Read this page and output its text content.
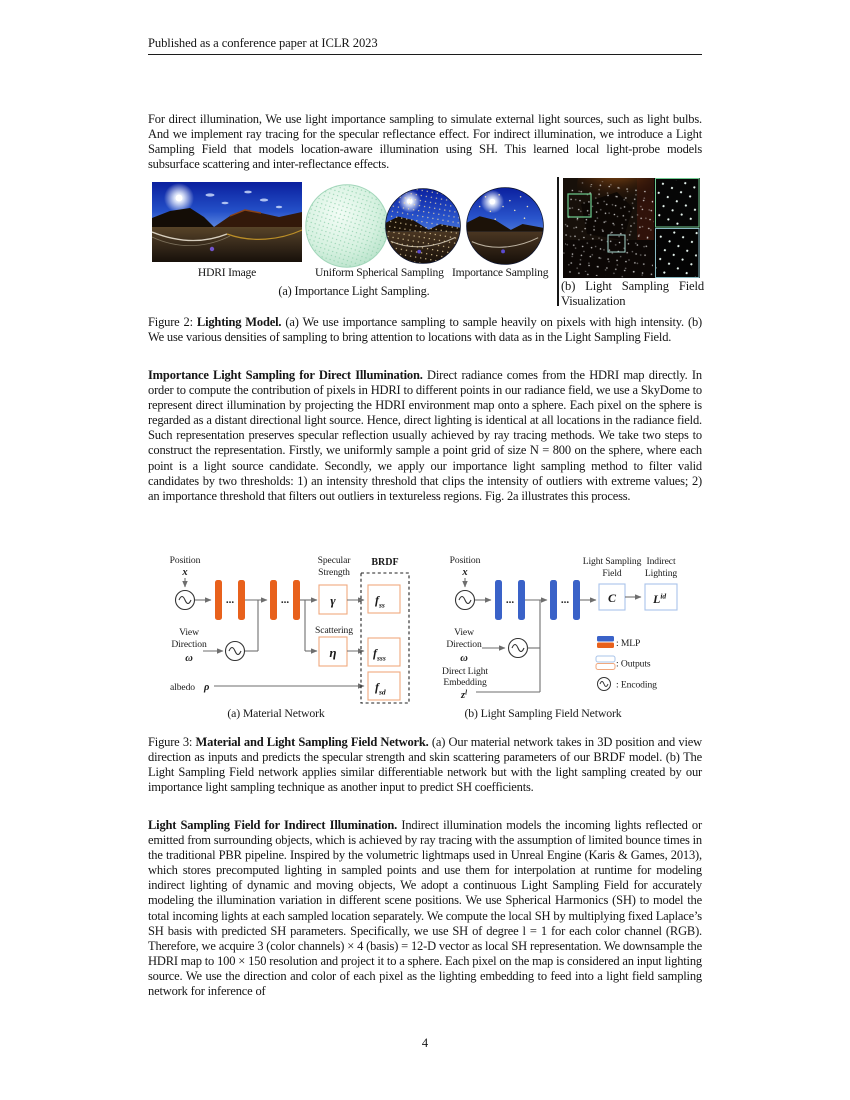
Published as a conference paper at ICLR 2023
For direct illumination, We use light importance sampling to simulate external light sources, such as light bulbs. And we implement ray tracing for the specular reflectance effect. For indirect illumination, we introduce a Light Sampling Field that models location-aware illumination using SH. This learned local light-probe models subsurface scattering and inter-reflectance effects.
HDRI Image	Uniform Spherical Sampling Importance Sampling
(a) Importance Light Sampling.	(b) Light Sampling Field Visualization
Figure 2: Lighting Model. (a) We use importance sampling to sample heavily on pixels with high intensity. (b) We use various densities of sampling to bring attention to locations with data as in the Light Sampling Field.
Importance Light Sampling for Direct Illumination. Direct radiance comes from the HDRI map directly. In order to compute the contribution of pixels in HDRI to different points in our radiance field, we use a SkyDome to represent direct illumination by projecting the HDRI environment map onto a sphere. Each pixel on the sphere is regarded as a distant directional light source. Hence, direct lighting is identical at all locations in the radiance field. Such representation preserves specular reflection usually achieved by ray tracing methods. We take two steps to construct the representation. Firstly, we uniformly sample a point grid of size N = 800 on the sphere, where each point is a light source candidate. Secondly, we apply our importance light sampling method to filter valid candidates by two thresholds: 1) an intensity threshold that clips the intensity of outliers with extreme values; 2) an importance threshold that filters out outliers in textureless regions. Fig. 2a illustrates this process.
Position
x
...	...
View
Direction
ω
Specular
Strength
γ
Scattering
η
albedo ρ
BRDF
$f_{ss}$
$f_{sss}$
$f_{sd}$
(a) Material Network
Position
x
...	...
View
Direction
ω
Direct Light
Embedding
$z^l$
Light Sampling
Field
C
Indirect
Lighting
$L^{id}$
(b) Light Sampling Field Network
: MLP
: Outputs
: Encoding
Figure 3: Material and Light Sampling Field Network. (a) Our material network takes in 3D position and view direction as inputs and predicts the specular strength and skin scattering parameters of our BRDF model. (b) The Light Sampling Field network applies similar differentiable network but with the light sampling created by our importance light sampling technique as another input to predict SH coefficients.
Light Sampling Field for Indirect Illumination. Indirect illumination models the incoming lights reflected or emitted from surrounding objects, which is achieved by ray tracing with the assumption of limited bounce times in the traditional PBR pipeline. Inspired by the volumetric lightmaps used in Unreal Engine (Karis & Games, 2013), which stores precomputed lighting in sampled points and use them for interpolation at runtime for modeling indirect lighting of dynamic and moving objects, We adopt a continuous Light Sampling Field for accurately modeling the illumination variation in different scene positions. We use Spherical Harmonics (SH) to model the total incoming lights at each sampled location separately. We compute the local SH by multiplying fixed Laplace’s SH basis with predicted SH parameters. Specifically, we use SH of degree l = 1 for each color channel (RGB). Therefore, we acquire 3 (color channels) × 4 (basis) = 12-D vector as local SH representation. We downsample the HDRI map to 100 × 150 resolution and project it to a sphere. Each pixel on the map is considered an input lighting source. We use the direction and color of each pixel as the lighting embedding to feed into a light field sampling network for inference of
4
